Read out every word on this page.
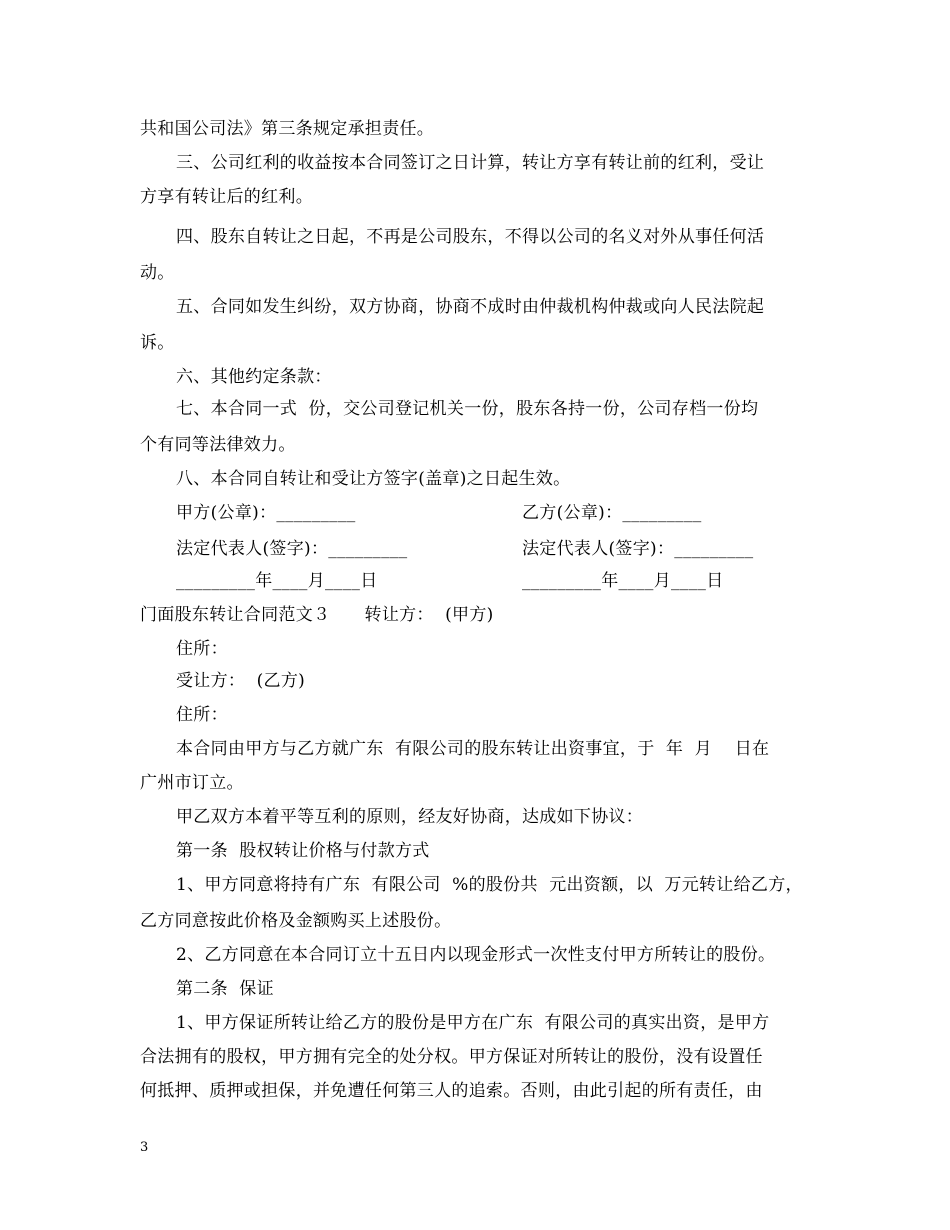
共和国公司法》第三条规定承担责任。
三、公司红利的收益按本合同签订之日计算，转让方享有转让前的红利，受让
方享有转让后的红利。
四、股东自转让之日起，不再是公司股东，不得以公司的名义对外从事任何活
动。
五、合同如发生纠纷，双方协商，协商不成时由仲裁机构仲裁或向人民法院起
诉。
六、其他约定条款：
七、本合同一式  份，交公司登记机关一份，股东各持一份，公司存档一份均
个有同等法律效力。
八、本合同自转让和受让方签字(盖章)之日起生效。
甲方(公章)：_________	乙方(公章)：_________
法定代表人(签字)：_________	法定代表人(签字)：_________
_________年____月____日	_________年____月____日
门面股东转让合同范文３      转让方：  (甲方)
住所：
受让方：  (乙方)
住所：
本合同由甲方与乙方就广东  有限公司的股东转让出资事宜，于  年  月    日在
广州市订立。
甲乙双方本着平等互利的原则，经友好协商，达成如下协议：
第一条  股权转让价格与付款方式
1、甲方同意将持有广东  有限公司  %的股份共  元出资额，以  万元转让给乙方，
乙方同意按此价格及金额购买上述股份。
2、乙方同意在本合同订立十五日内以现金形式一次性支付甲方所转让的股份。
第二条  保证
1、甲方保证所转让给乙方的股份是甲方在广东  有限公司的真实出资，是甲方
合法拥有的股权，甲方拥有完全的处分权。甲方保证对所转让的股份，没有设置任
何抵押、质押或担保，并免遭任何第三人的追索。否则，由此引起的所有责任，由
3
